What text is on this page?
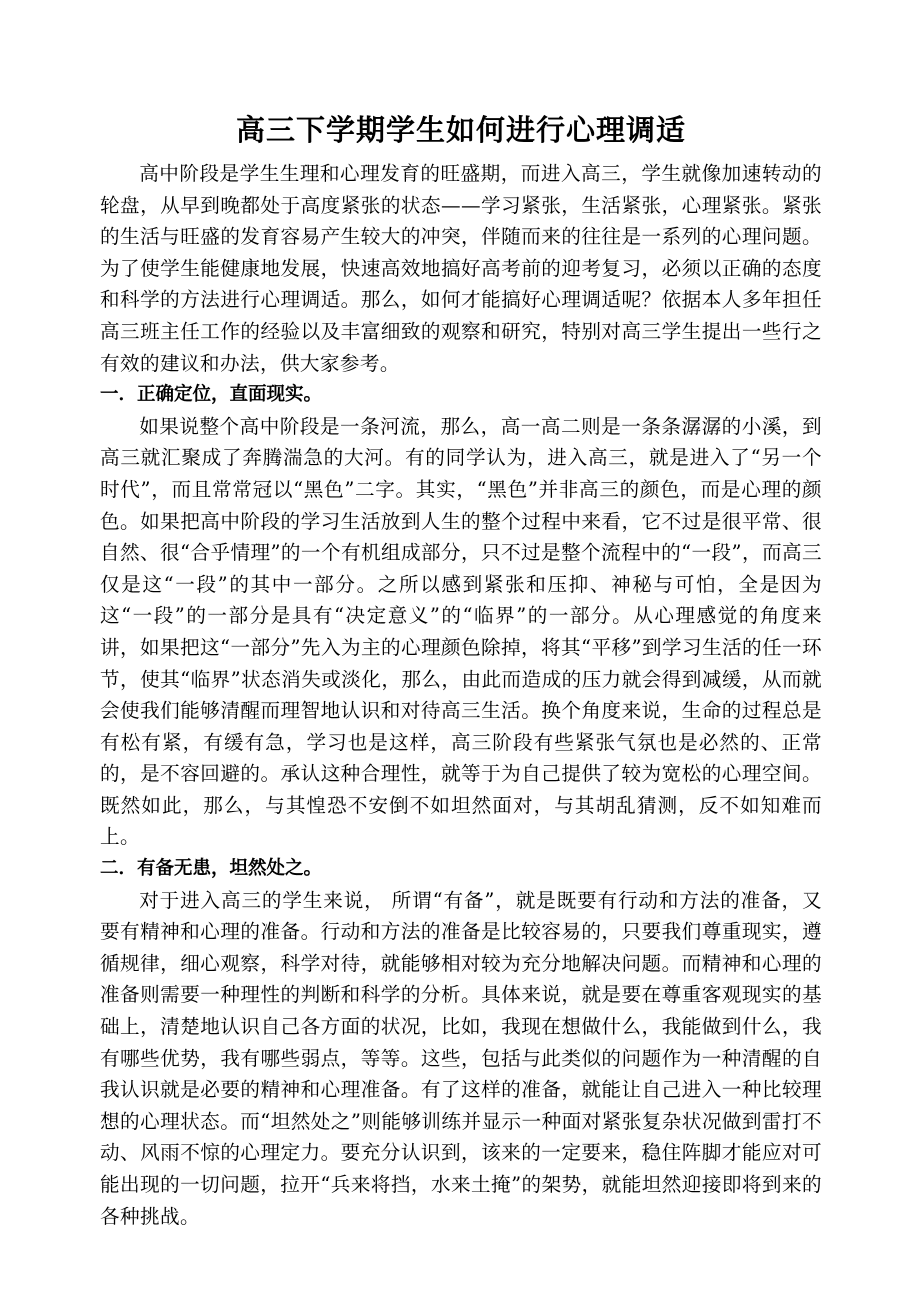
高三下学期学生如何进行心理调适

高中阶段是学生生理和心理发育的旺盛期，而进入高三，学生就像加速转动的轮盘，从早到晚都处于高度紧张的状态——学习紧张，生活紧张，心理紧张。紧张的生活与旺盛的发育容易产生较大的冲突，伴随而来的往往是一系列的心理问题。为了使学生能健康地发展，快速高效地搞好高考前的迎考复习，必须以正确的态度和科学的方法进行心理调适。那么，如何才能搞好心理调适呢？依据本人多年担任高三班主任工作的经验以及丰富细致的观察和研究，特别对高三学生提出一些行之有效的建议和办法，供大家参考。

一．正确定位，直面现实。

如果说整个高中阶段是一条河流，那么，高一高二则是一条条潺潺的小溪，到高三就汇聚成了奔腾湍急的大河。有的同学认为，进入高三，就是进入了“另一个时代”，而且常常冠以“黑色”二字。其实，“黑色”并非高三的颜色，而是心理的颜色。如果把高中阶段的学习生活放到人生的整个过程中来看，它不过是很平常、很自然、很“合乎情理”的一个有机组成部分，只不过是整个流程中的“一段”，而高三仅是这“一段”的其中一部分。之所以感到紧张和压抑、神秘与可怕，全是因为这“一段”的一部分是具有“决定意义”的“临界”的一部分。从心理感觉的角度来讲，如果把这“一部分”先入为主的心理颜色除掉，将其“平移”到学习生活的任一环节，使其“临界”状态消失或淡化，那么，由此而造成的压力就会得到减缓，从而就会使我们能够清醒而理智地认识和对待高三生活。换个角度来说，生命的过程总是有松有紧，有缓有急，学习也是这样，高三阶段有些紧张气氛也是必然的、正常的，是不容回避的。承认这种合理性，就等于为自己提供了较为宽松的心理空间。既然如此，那么，与其惶恐不安倒不如坦然面对，与其胡乱猜测，反不如知难而上。

二．有备无患，坦然处之。

对于进入高三的学生来说， 所谓“有备”，就是既要有行动和方法的准备，又要有精神和心理的准备。行动和方法的准备是比较容易的，只要我们尊重现实，遵循规律，细心观察，科学对待，就能够相对较为充分地解决问题。而精神和心理的准备则需要一种理性的判断和科学的分析。具体来说，就是要在尊重客观现实的基础上，清楚地认识自己各方面的状况，比如，我现在想做什么，我能做到什么，我有哪些优势，我有哪些弱点，等等。这些，包括与此类似的问题作为一种清醒的自我认识就是必要的精神和心理准备。有了这样的准备，就能让自己进入一种比较理想的心理状态。而“坦然处之”则能够训练并显示一种面对紧张复杂状况做到雷打不动、风雨不惊的心理定力。要充分认识到，该来的一定要来，稳住阵脚才能应对可能出现的一切问题，拉开“兵来将挡，水来土掩”的架势，就能坦然迎接即将到来的各种挑战。
